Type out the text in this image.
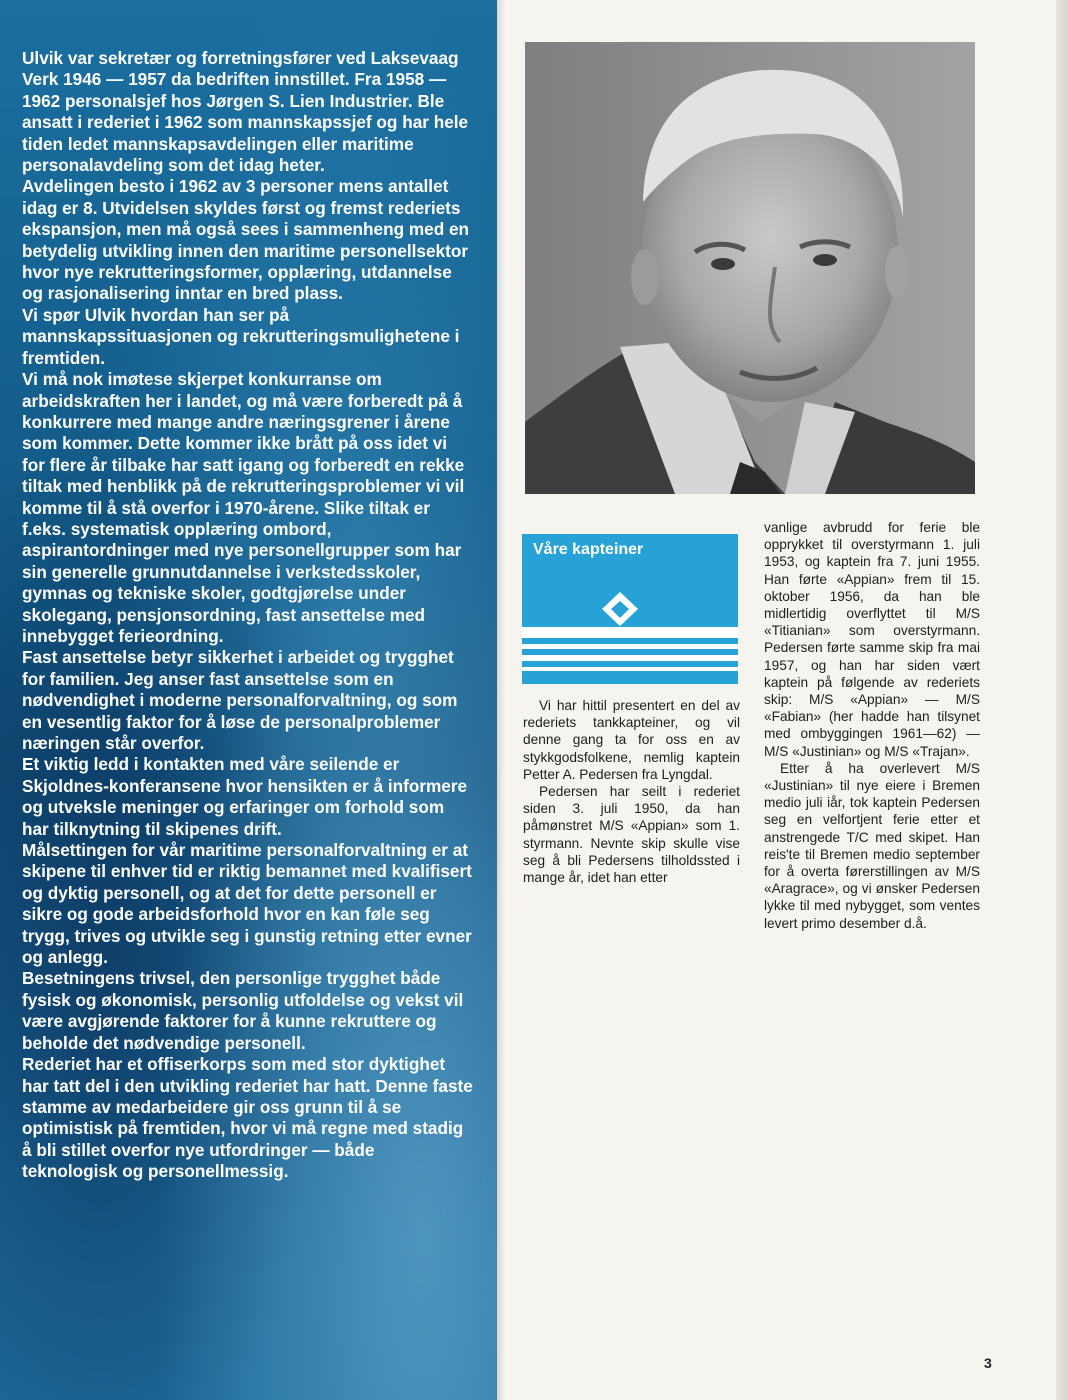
Ulvik var sekretær og forretningsfører ved Laksevaag Verk 1946 — 1957 da bedriften innstillet. Fra 1958 — 1962 personalsjef hos Jørgen S. Lien Industrier. Ble ansatt i rederiet i 1962 som mannskapssjef og har hele tiden ledet mannskapsavdelingen eller maritime personalavdeling som det idag heter.

Avdelingen besto i 1962 av 3 personer mens antallet idag er 8. Utvidelsen skyldes først og fremst rederiets ekspansjon, men må også sees i sammenheng med en betydelig utvikling innen den maritime personellsektor hvor nye rekrutteringsformer, opplæring, utdannelse og rasjonalisering inntar en bred plass.

Vi spør Ulvik hvordan han ser på mannskapssituasjonen og rekrutteringsmulighetene i fremtiden.

Vi må nok imøtese skjerpet konkurranse om arbeidskraften her i landet, og må være forberedt på å konkurrere med mange andre næringsgrener i årene som kommer. Dette kommer ikke brått på oss idet vi for flere år tilbake har satt igang og forberedt en rekke tiltak med henblikk på de rekrutteringsproblemer vi vil komme til å stå overfor i 1970-årene. Slike tiltak er f.eks. systematisk opplæring ombord, aspirantordninger med nye personellgrupper som har sin generelle grunnutdannelse i verkstedsskoler, gymnas og tekniske skoler, godtgjørelse under skolegang, pensjonsordning, fast ansettelse med innebygget ferieordning.

Fast ansettelse betyr sikkerhet i arbeidet og trygghet for familien. Jeg anser fast ansettelse som en nødvendighet i moderne personalforvaltning, og som en vesentlig faktor for å løse de personalproblemer næringen står overfor.

Et viktig ledd i kontakten med våre seilende er Skjoldnes-konferansene hvor hensikten er å informere og utveksle meninger og erfaringer om forhold som har tilknytning til skipenes drift.

Målsettingen for vår maritime personalforvaltning er at skipene til enhver tid er riktig bemannet med kvalifisert og dyktig personell, og at det for dette personell er sikre og gode arbeidsforhold hvor en kan føle seg trygg, trives og utvikle seg i gunstig retning etter evner og anlegg.

Besetningens trivsel, den personlige trygghet både fysisk og økonomisk, personlig utfoldelse og vekst vil være avgjørende faktorer for å kunne rekruttere og beholde det nødvendige personell.

Rederiet har et offiserkorps som med stor dyktighet har tatt del i den utvikling rederiet har hatt. Denne faste stamme av medarbeidere gir oss grunn til å se optimistisk på fremtiden, hvor vi må regne med stadig å bli stillet overfor nye utfordringer — både teknologisk og personellmessig.

Våre kapteiner

Vi har hittil presentert en del av rederiets tankkapteiner, og vil denne gang ta for oss en av stykkgodsfolkene, nemlig kaptein Petter A. Pedersen fra Lyngdal.

Pedersen har seilt i rederiet siden 3. juli 1950, da han påmønstret M/S «Appian» som 1. styrmann. Nevnte skip skulle vise seg å bli Pedersens tilholdssted i mange år, idet han etter

vanlige avbrudd for ferie ble opprykket til overstyrmann 1. juli 1953, og kaptein fra 7. juni 1955. Han førte «Appian» frem til 15. oktober 1956, da han ble midlertidig overflyttet til M/S «Titianian» som overstyrmann. Pedersen førte samme skip fra mai 1957, og han har siden vært kaptein på følgende av rederiets skip: M/S «Appian» — M/S «Fabian» (her hadde han tilsynet med ombyggingen 1961—62) — M/S «Justinian» og M/S «Trajan».

Etter å ha overlevert M/S «Justinian» til nye eiere i Bremen medio juli iår, tok kaptein Pedersen seg en velfortjent ferie etter et anstrengede T/C med skipet. Han reis'te til Bremen medio september for å overta førerstillingen av M/S «Aragrace», og vi ønsker Pedersen lykke til med nybygget, som ventes levert primo desember d.å.

3
